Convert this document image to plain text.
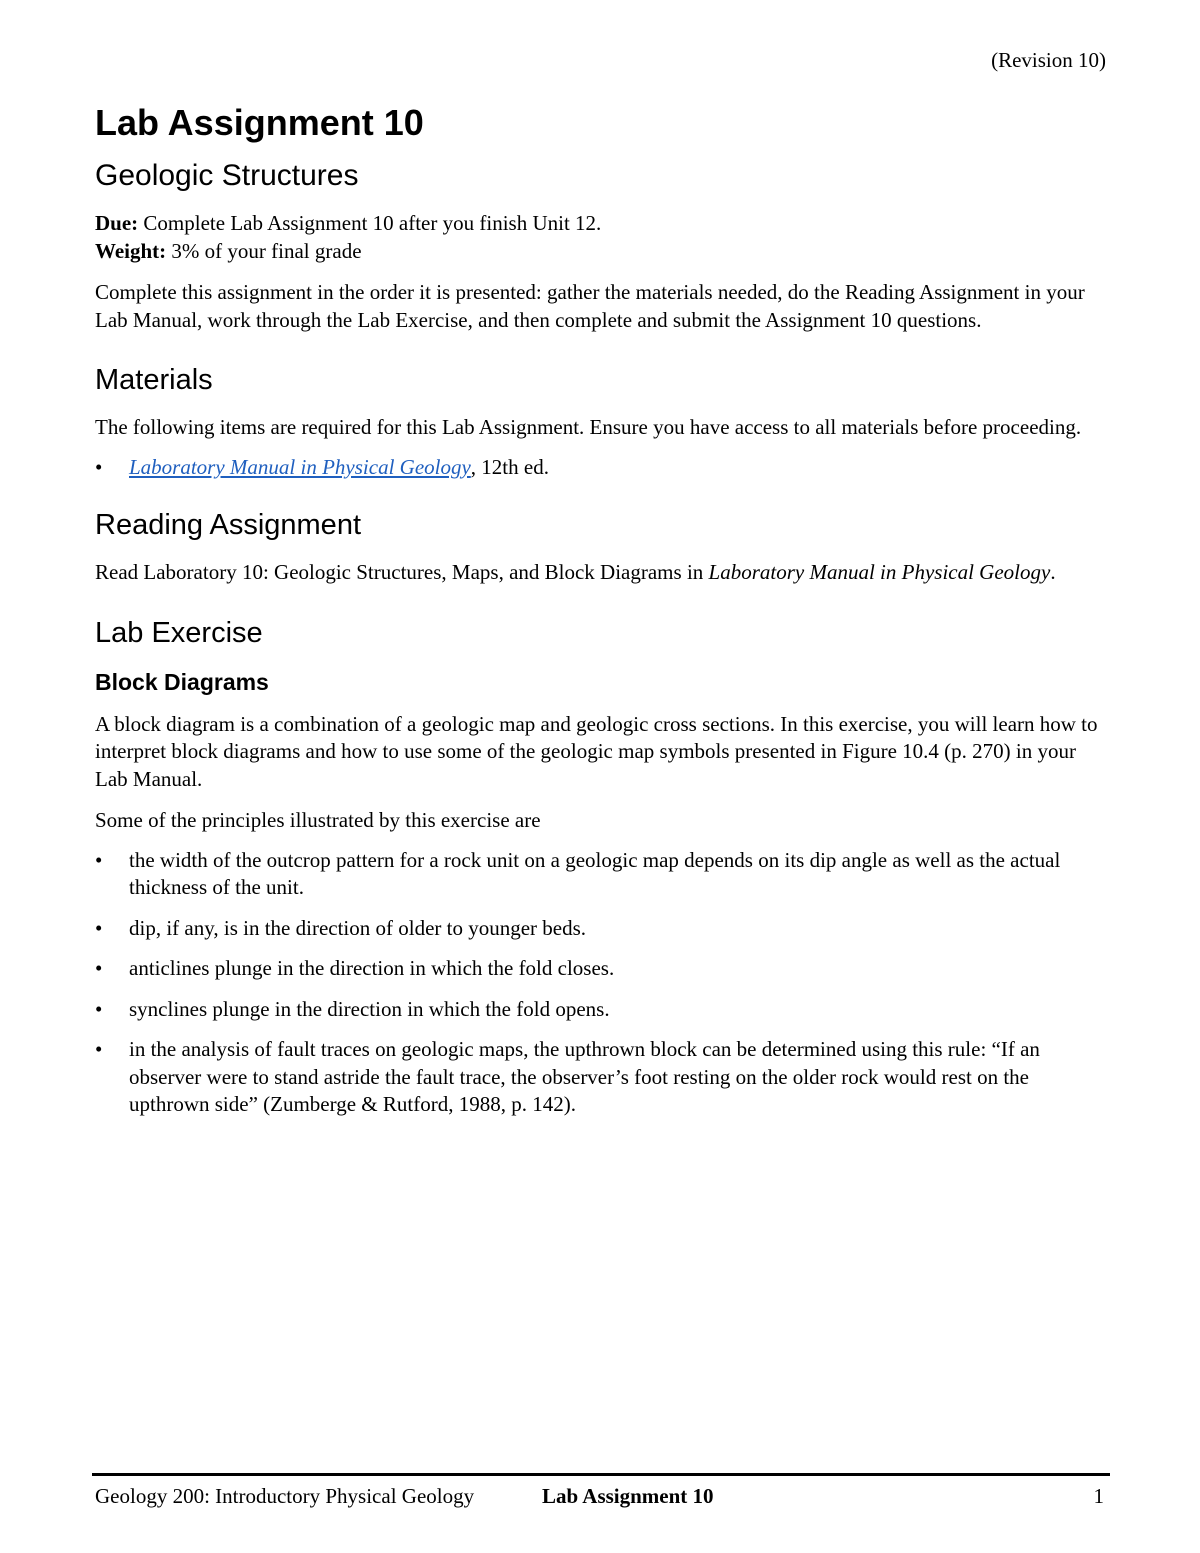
(Revision 10)
Lab Assignment 10
Geologic Structures

Due: Complete Lab Assignment 10 after you finish Unit 12.

Weight: 3% of your final grade

Complete this assignment in the order it is presented: gather the materials needed, do the Reading Assignment in your Lab Manual, work through the Lab Exercise, and then complete and submit the Assignment 10 questions.

Materials

The following items are required for this Lab Assignment. Ensure you have access to all materials before proceeding.

• Laboratory Manual in Physical Geology, 12th ed.
Reading Assignment

Read Laboratory 10: Geologic Structures, Maps, and Block Diagrams in Laboratory Manual in Physical Geology.

Lab Exercise
Block Diagrams

A block diagram is a combination of a geologic map and geologic cross sections. In this exercise, you will learn how to interpret block diagrams and how to use some of the geologic map symbols presented in Figure 10.4 (p. 270) in your Lab Manual.

Some of the principles illustrated by this exercise are

• the width of the outcrop pattern for a rock unit on a geologic map depends on its dip angle as well as the actual thickness of the unit.
• dip, if any, is in the direction of older to younger beds.
• anticlines plunge in the direction in which the fold closes.
• synclines plunge in the direction in which the fold opens.
• in the analysis of fault traces on geologic maps, the upthrown block can be determined using this rule: “If an observer were to stand astride the fault trace, the observer’s foot resting on the older rock would rest on the upthrown side” (Zumberge & Rutford, 1988, p. 142).
Geology 200: Introductory Physical Geology	Lab Assignment 10	1
